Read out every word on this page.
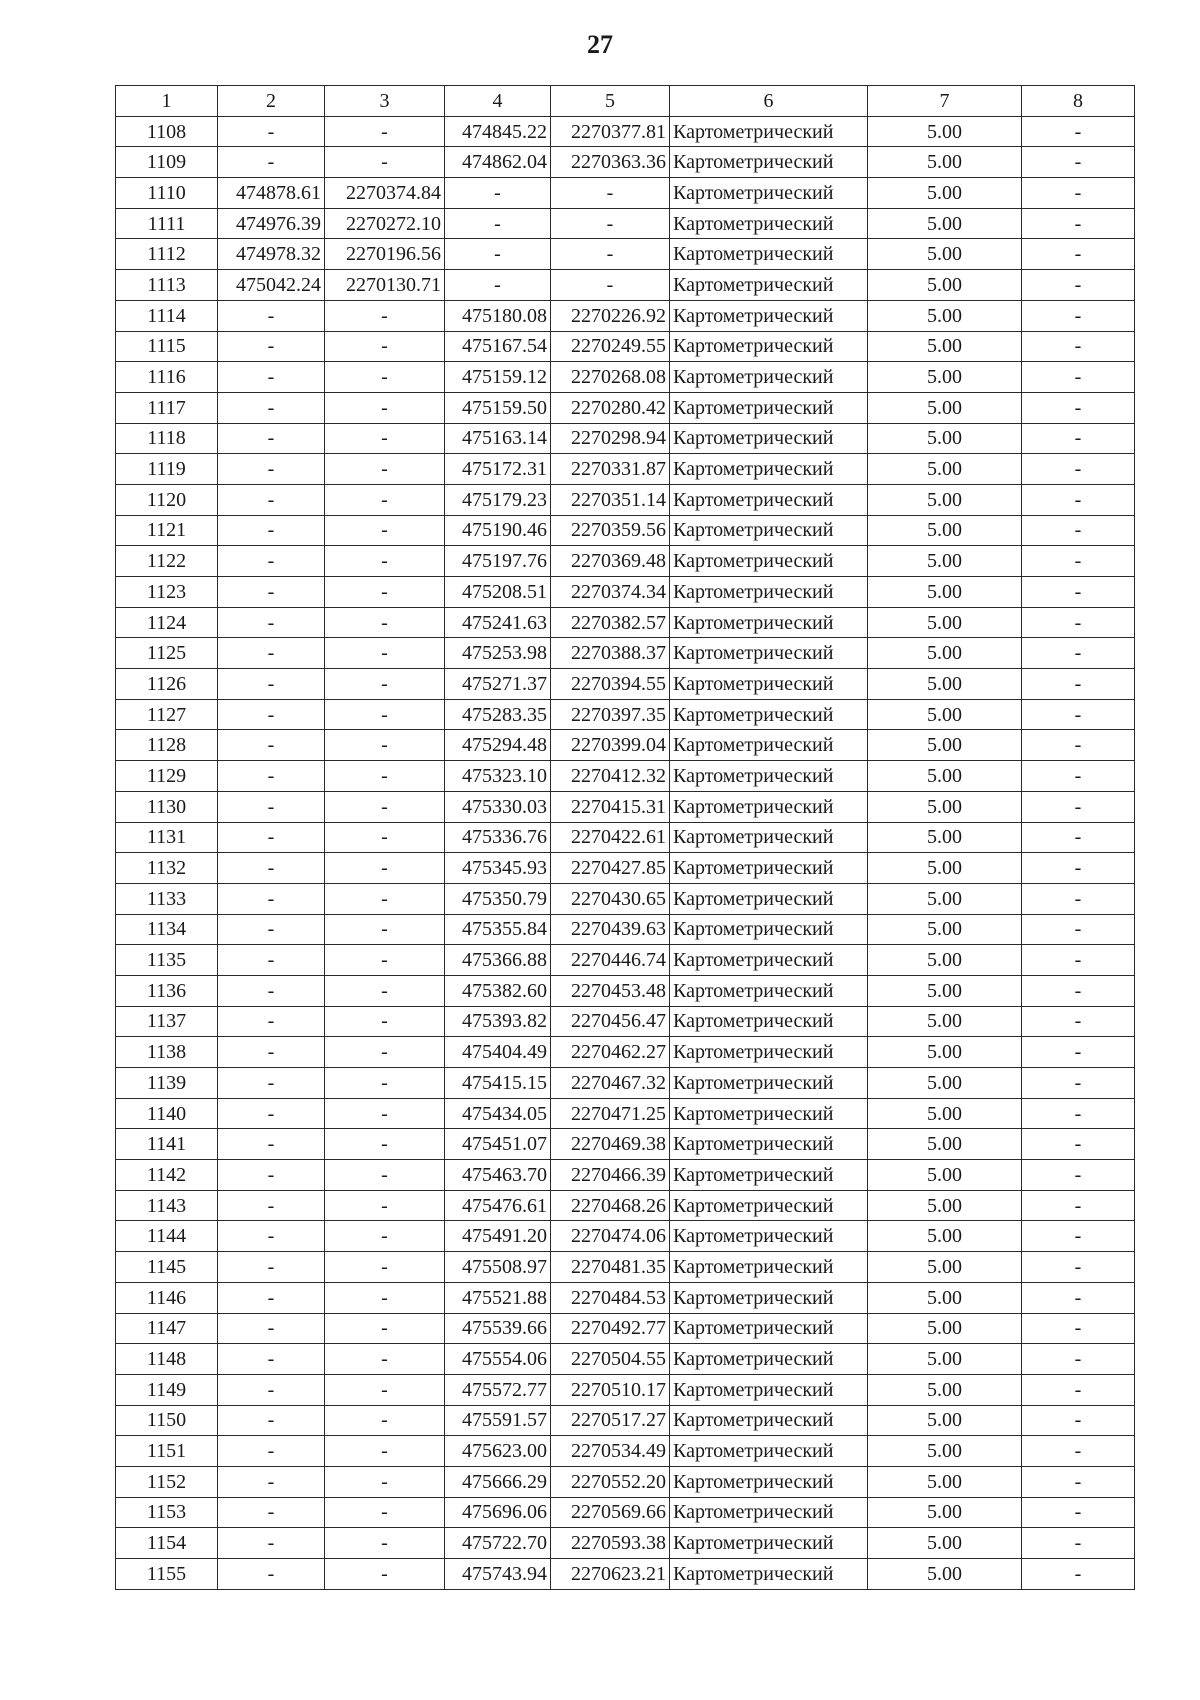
27
1	2	3	4	5	6	7	8
1108	-	-	474845.22	2270377.81	Картометрический	5.00	-
1109	-	-	474862.04	2270363.36	Картометрический	5.00	-
1110	474878.61	2270374.84	-	-	Картометрический	5.00	-
1111	474976.39	2270272.10	-	-	Картометрический	5.00	-
1112	474978.32	2270196.56	-	-	Картометрический	5.00	-
1113	475042.24	2270130.71	-	-	Картометрический	5.00	-
1114	-	-	475180.08	2270226.92	Картометрический	5.00	-
1115	-	-	475167.54	2270249.55	Картометрический	5.00	-
1116	-	-	475159.12	2270268.08	Картометрический	5.00	-
1117	-	-	475159.50	2270280.42	Картометрический	5.00	-
1118	-	-	475163.14	2270298.94	Картометрический	5.00	-
1119	-	-	475172.31	2270331.87	Картометрический	5.00	-
1120	-	-	475179.23	2270351.14	Картометрический	5.00	-
1121	-	-	475190.46	2270359.56	Картометрический	5.00	-
1122	-	-	475197.76	2270369.48	Картометрический	5.00	-
1123	-	-	475208.51	2270374.34	Картометрический	5.00	-
1124	-	-	475241.63	2270382.57	Картометрический	5.00	-
1125	-	-	475253.98	2270388.37	Картометрический	5.00	-
1126	-	-	475271.37	2270394.55	Картометрический	5.00	-
1127	-	-	475283.35	2270397.35	Картометрический	5.00	-
1128	-	-	475294.48	2270399.04	Картометрический	5.00	-
1129	-	-	475323.10	2270412.32	Картометрический	5.00	-
1130	-	-	475330.03	2270415.31	Картометрический	5.00	-
1131	-	-	475336.76	2270422.61	Картометрический	5.00	-
1132	-	-	475345.93	2270427.85	Картометрический	5.00	-
1133	-	-	475350.79	2270430.65	Картометрический	5.00	-
1134	-	-	475355.84	2270439.63	Картометрический	5.00	-
1135	-	-	475366.88	2270446.74	Картометрический	5.00	-
1136	-	-	475382.60	2270453.48	Картометрический	5.00	-
1137	-	-	475393.82	2270456.47	Картометрический	5.00	-
1138	-	-	475404.49	2270462.27	Картометрический	5.00	-
1139	-	-	475415.15	2270467.32	Картометрический	5.00	-
1140	-	-	475434.05	2270471.25	Картометрический	5.00	-
1141	-	-	475451.07	2270469.38	Картометрический	5.00	-
1142	-	-	475463.70	2270466.39	Картометрический	5.00	-
1143	-	-	475476.61	2270468.26	Картометрический	5.00	-
1144	-	-	475491.20	2270474.06	Картометрический	5.00	-
1145	-	-	475508.97	2270481.35	Картометрический	5.00	-
1146	-	-	475521.88	2270484.53	Картометрический	5.00	-
1147	-	-	475539.66	2270492.77	Картометрический	5.00	-
1148	-	-	475554.06	2270504.55	Картометрический	5.00	-
1149	-	-	475572.77	2270510.17	Картометрический	5.00	-
1150	-	-	475591.57	2270517.27	Картометрический	5.00	-
1151	-	-	475623.00	2270534.49	Картометрический	5.00	-
1152	-	-	475666.29	2270552.20	Картометрический	5.00	-
1153	-	-	475696.06	2270569.66	Картометрический	5.00	-
1154	-	-	475722.70	2270593.38	Картометрический	5.00	-
1155	-	-	475743.94	2270623.21	Картометрический	5.00	-
